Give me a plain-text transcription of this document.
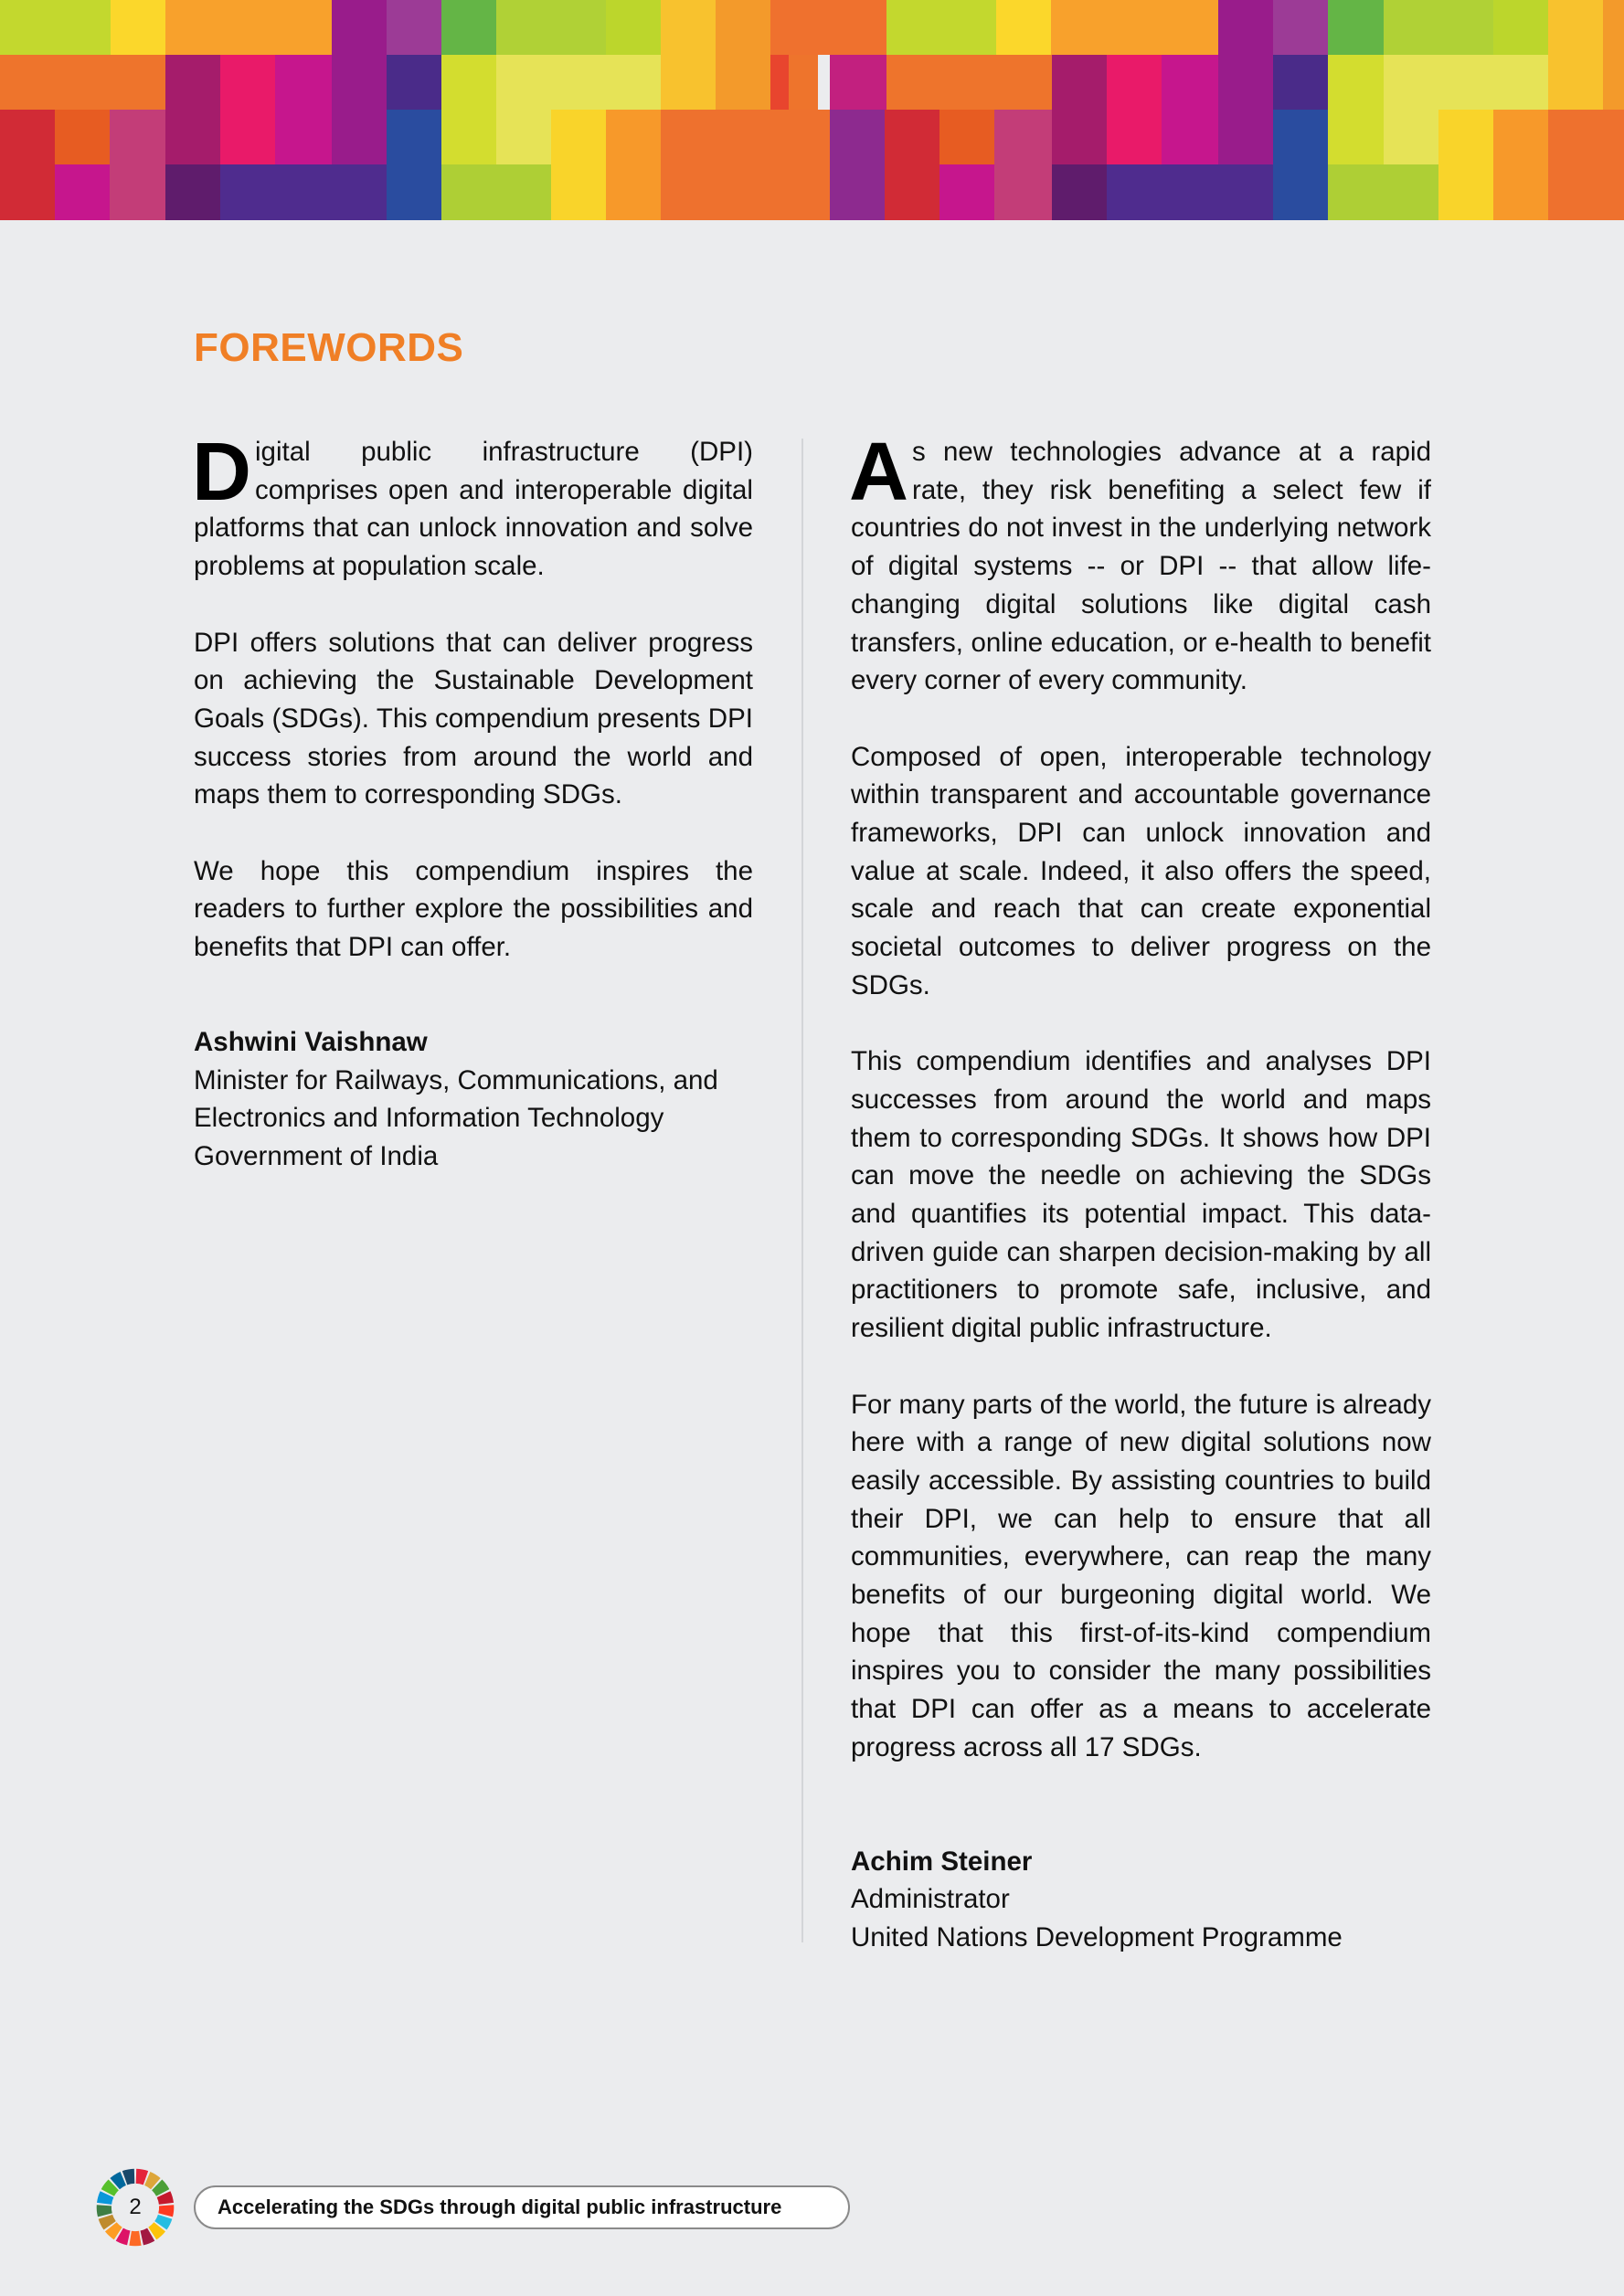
FOREWORDS

Digital public infrastructure (DPI) comprises open and interoperable digital platforms that can unlock innovation and solve problems at population scale.

DPI offers solutions that can deliver progress on achieving the Sustainable Development Goals (SDGs). This compendium presents DPI success stories from around the world and maps them to corresponding SDGs.

We hope this compendium inspires the readers to further explore the possibilities and benefits that DPI can offer.

Ashwini Vaishnaw
Minister for Railways, Communications, and
Electronics and Information Technology
Government of India

As new technologies advance at a rapid rate, they risk benefiting a select few if countries do not invest in the underlying network of digital systems -- or DPI -- that allow life-changing digital solutions like digital cash transfers, online education, or e-health to benefit every corner of every community.

Composed of open, interoperable technology within transparent and accountable governance frameworks, DPI can unlock innovation and value at scale. Indeed, it also offers the speed, scale and reach that can create exponential societal outcomes to deliver progress on the SDGs.

This compendium identifies and analyses DPI successes from around the world and maps them to corresponding SDGs. It shows how DPI can move the needle on achieving the SDGs and quantifies its potential impact. This data-driven guide can sharpen decision-making by all practitioners to promote safe, inclusive, and resilient digital public infrastructure.

For many parts of the world, the future is already here with a range of new digital solutions now easily accessible. By assisting countries to build their DPI, we can help to ensure that all communities, everywhere, can reap the many benefits of our burgeoning digital world. We hope that this first-of-its-kind compendium inspires you to consider the many possibilities that DPI can offer as a means to accelerate progress across all 17 SDGs.

Achim Steiner
Administrator
United Nations Development Programme
2	Accelerating the SDGs through digital public infrastructure
